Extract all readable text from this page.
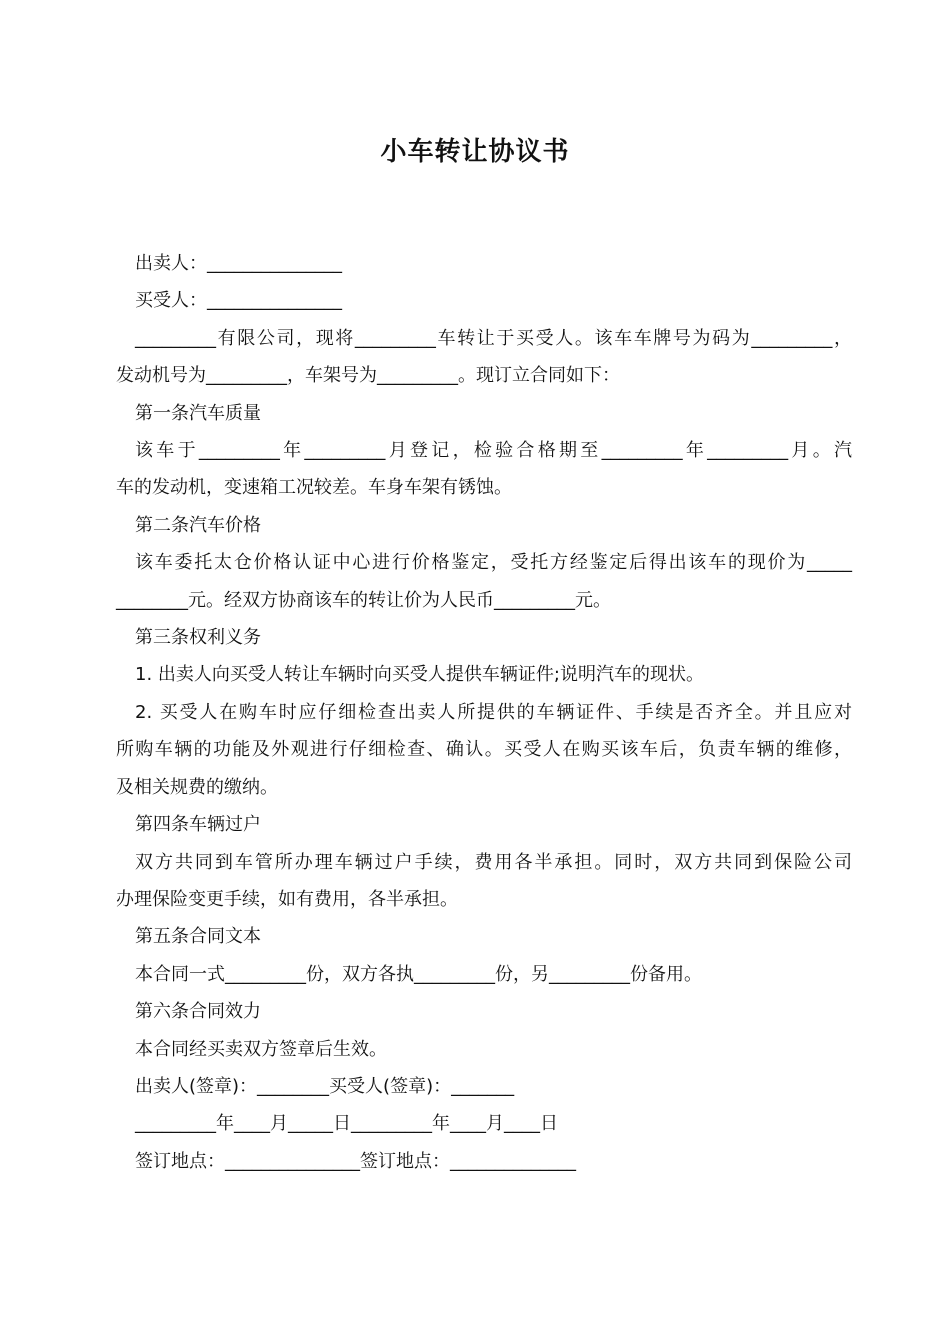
小车转让协议书
出卖人：_______________
买受人：_______________
_________有限公司，现将_________车转让于买受人。该车车牌号为码为_________，
发动机号为_________，车架号为_________。现订立合同如下：
第一条汽车质量
该车于_________年_________月登记，检验合格期至_________年_________月。汽
车的发动机，变速箱工况较差。车身车架有锈蚀。
第二条汽车价格
该车委托太仓价格认证中心进行价格鉴定，受托方经鉴定后得出该车的现价为_____
________元。经双方协商该车的转让价为人民币_________元。
第三条权利义务
1. 出卖人向买受人转让车辆时向买受人提供车辆证件;说明汽车的现状。
2. 买受人在购车时应仔细检查出卖人所提供的车辆证件、手续是否齐全。并且应对
所购车辆的功能及外观进行仔细检查、确认。买受人在购买该车后，负责车辆的维修，
及相关规费的缴纳。
第四条车辆过户
双方共同到车管所办理车辆过户手续，费用各半承担。同时，双方共同到保险公司
办理保险变更手续，如有费用，各半承担。
第五条合同文本
本合同一式_________份，双方各执_________份，另_________份备用。
第六条合同效力
本合同经买卖双方签章后生效。
出卖人(签章)：________买受人(签章)：_______
_________年____月_____日_________年____月____日
签订地点：_______________签订地点：______________
